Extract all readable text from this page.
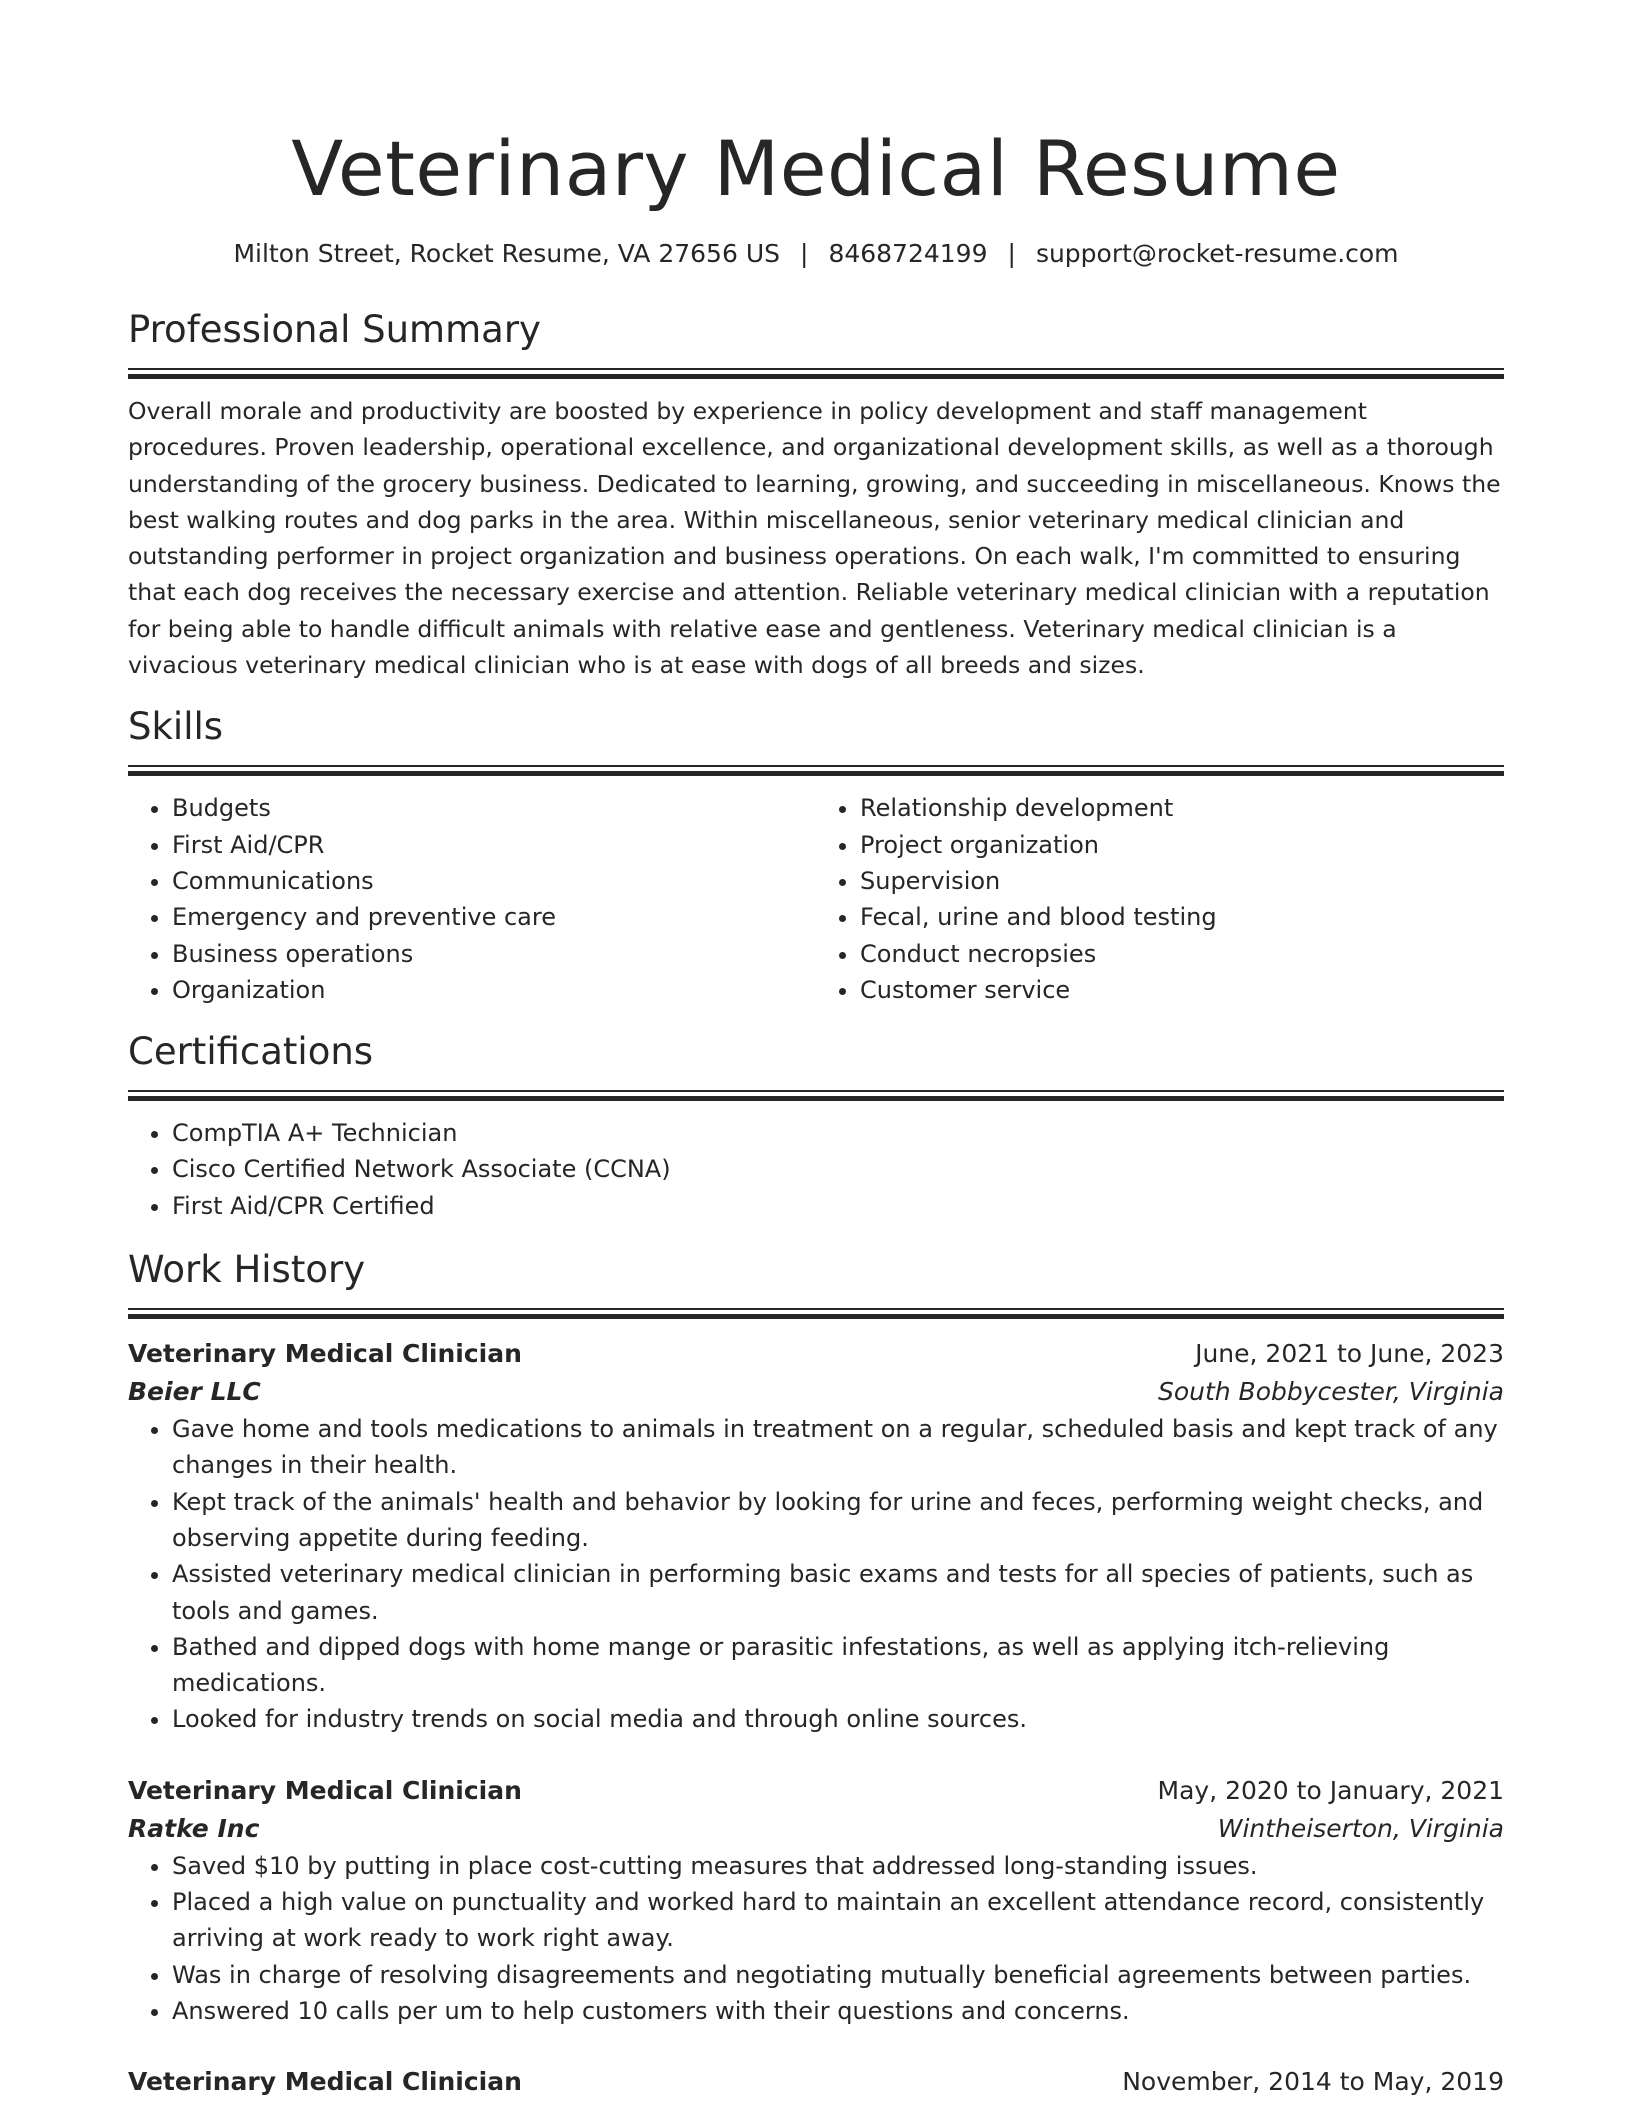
Veterinary Medical Resume
Milton Street, Rocket Resume, VA 27656 US | 8468724199 | support@rocket-resume.com
Professional Summary

Overall morale and productivity are boosted by experience in policy development and staff management procedures. Proven leadership, operational excellence, and organizational development skills, as well as a thorough understanding of the grocery business. Dedicated to learning, growing, and succeeding in miscellaneous. Knows the best walking routes and dog parks in the area. Within miscellaneous, senior veterinary medical clinician and outstanding performer in project organization and business operations. On each walk, I'm committed to ensuring that each dog receives the necessary exercise and attention. Reliable veterinary medical clinician with a reputation for being able to handle difficult animals with relative ease and gentleness. Veterinary medical clinician is a vivacious veterinary medical clinician who is at ease with dogs of all breeds and sizes.

Skills
• Budgets
• First Aid/CPR
• Communications
• Emergency and preventive care
• Business operations
• Organization
• Relationship development
• Project organization
• Supervision
• Fecal, urine and blood testing
• Conduct necropsies
• Customer service
Certifications
• CompTIA A+ Technician
• Cisco Certified Network Associate (CCNA)
• First Aid/CPR Certified
Work History
Veterinary Medical Clinician	June, 2021 to June, 2023
Beier LLC	South Bobbycester, Virginia
• Gave home and tools medications to animals in treatment on a regular, scheduled basis and kept track of any changes in their health.
• Kept track of the animals' health and behavior by looking for urine and feces, performing weight checks, and observing appetite during feeding.
• Assisted veterinary medical clinician in performing basic exams and tests for all species of patients, such as tools and games.
• Bathed and dipped dogs with home mange or parasitic infestations, as well as applying itch-relieving medications.
• Looked for industry trends on social media and through online sources.
Veterinary Medical Clinician	May, 2020 to January, 2021
Ratke Inc	Wintheiserton, Virginia
• Saved $10 by putting in place cost-cutting measures that addressed long-standing issues.
• Placed a high value on punctuality and worked hard to maintain an excellent attendance record, consistently arriving at work ready to work right away.
• Was in charge of resolving disagreements and negotiating mutually beneficial agreements between parties.
• Answered 10 calls per um to help customers with their questions and concerns.
Veterinary Medical Clinician	November, 2014 to May, 2019
